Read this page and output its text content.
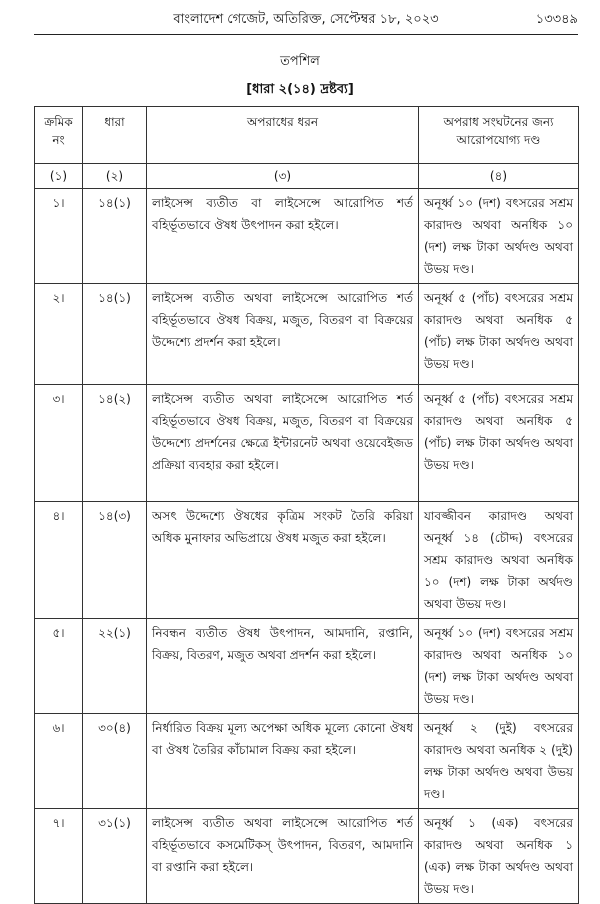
বাংলাদেশ গেজেট, অতিরিক্ত, সেপ্টেম্বর ১৮, ২০২৩	১৩৩৪৯
তপশিল
[ধারা ২(১৪) দ্রষ্টব্য]
ক্রমিক নং	ধারা	অপরাধের ধরন	অপরাধ সংঘটনের জন্য আরোপযোগ্য দণ্ড
(১)	(২)	(৩)	(৪)
১।	১৪(১)	লাইসেন্স ব্যতীত বা লাইসেন্সে আরোপিত শর্ত বহির্ভূতভাবে ঔষধ উৎপাদন করা হইলে।	অনূর্ধ্ব ১০ (দশ) বৎসরের সশ্রম কারাদণ্ড অথবা অনধিক ১০ (দশ) লক্ষ টাকা অর্থদণ্ড অথবা উভয় দণ্ড।
২।	১৪(১)	লাইসেন্স ব্যতীত অথবা লাইসেন্সে আরোপিত শর্ত বহির্ভূতভাবে ঔষধ বিক্রয়, মজুত, বিতরণ বা বিক্রয়ের উদ্দেশ্যে প্রদর্শন করা হইলে।	অনূর্ধ্ব ৫ (পাঁচ) বৎসরের সশ্রম কারাদণ্ড অথবা অনধিক ৫ (পাঁচ) লক্ষ টাকা অর্থদণ্ড অথবা উভয় দণ্ড।
৩।	১৪(২)	লাইসেন্স ব্যতীত অথবা লাইসেন্সে আরোপিত শর্ত বহির্ভূতভাবে ঔষধ বিক্রয়, মজুত, বিতরণ বা বিক্রয়ের উদ্দেশ্যে প্রদর্শনের ক্ষেত্রে ইন্টারনেট অথবা ওয়েবেইজড প্রক্রিয়া ব্যবহার করা হইলে।	অনূর্ধ্ব ৫ (পাঁচ) বৎসরের সশ্রম কারাদণ্ড অথবা অনধিক ৫ (পাঁচ) লক্ষ টাকা অর্থদণ্ড অথবা উভয় দণ্ড।
৪।	১৪(৩)	অসৎ উদ্দেশ্যে ঔষধের কৃত্রিম সংকট তৈরি করিয়া অধিক মুনাফার অভিপ্রায়ে ঔষধ মজুত করা হইলে।	যাবজ্জীবন কারাদণ্ড অথবা অনূর্ধ্ব ১৪ (চৌদ্দ) বৎসরের সশ্রম কারাদণ্ড অথবা অনধিক ১০ (দশ) লক্ষ টাকা অর্থদণ্ড অথবা উভয় দণ্ড।
৫।	২২(১)	নিবন্ধন ব্যতীত ঔষধ উৎপাদন, আমদানি, রপ্তানি, বিক্রয়, বিতরণ, মজুত অথবা প্রদর্শন করা হইলে।	অনূর্ধ্ব ১০ (দশ) বৎসরের সশ্রম কারাদণ্ড অথবা অনধিক ১০ (দশ) লক্ষ টাকা অর্থদণ্ড অথবা উভয় দণ্ড।
৬।	৩০(৪)	নির্ধারিত বিক্রয় মূল্য অপেক্ষা অধিক মূল্যে কোনো ঔষধ বা ঔষধ তৈরির কাঁচামাল বিক্রয় করা হইলে।	অনূর্ধ্ব ২ (দুই) বৎসরের কারাদণ্ড অথবা অনধিক ২ (দুই) লক্ষ টাকা অর্থদণ্ড অথবা উভয় দণ্ড।
৭।	৩১(১)	লাইসেন্স ব্যতীত অথবা লাইসেন্সে আরোপিত শর্ত বহির্ভূতভাবে কসমেটিকস্ উৎপাদন, বিতরণ, আমদানি বা রপ্তানি করা হইলে।	অনূর্ধ্ব ১ (এক) বৎসরের কারাদণ্ড অথবা অনধিক ১ (এক) লক্ষ টাকা অর্থদণ্ড অথবা উভয় দণ্ড।
